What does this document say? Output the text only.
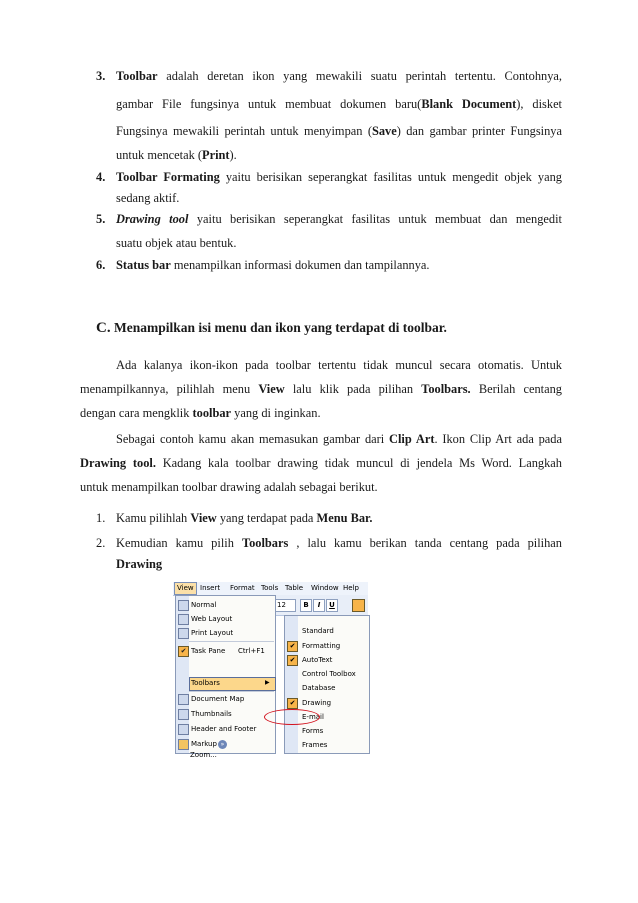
3. Toolbar adalah deretan ikon yang mewakili suatu perintah tertentu. Contohnya,
gambar File fungsinya untuk membuat dokumen baru(Blank Document), disket
Fungsinya mewakili perintah untuk menyimpan (Save) dan gambar printer Fungsinya
untuk mencetak (Print).
4. Toolbar Formating yaitu berisikan seperangkat fasilitas untuk mengedit objek yang
sedang aktif.
5. Drawing tool yaitu berisikan seperangkat fasilitas untuk membuat dan mengedit
suatu objek atau bentuk.
6. Status bar menampilkan informasi dokumen dan tampilannya.
C. Menampilkan isi menu dan ikon yang terdapat di toolbar.
Ada kalanya ikon-ikon pada toolbar tertentu tidak muncul secara otomatis. Untuk
menampilkannya, pilihlah menu View lalu klik pada pilihan Toolbars. Berilah centang
dengan cara mengklik toolbar yang di inginkan.
Sebagai contoh kamu akan memasukan gambar dari Clip Art. Ikon Clip Art ada pada
Drawing tool. Kadang kala toolbar drawing tidak muncul di jendela Ms Word. Langkah
untuk menampilkan toolbar drawing adalah sebagai berikut.
1. Kamu pilihlah View yang terdapat pada Menu Bar.
2. Kemudian kamu pilih Toolbars , lalu kamu berikan tanda centang pada pilihan
Drawing
View Insert Format Tools Table Window Help
12	B	I	U
Normal
Web Layout
Print Layout
✔ Task Pane Ctrl+F1
Toolbars	▶
Document Map
Thumbnails
Header and Footer
Markup
Zoom...
»
Standard
✔ Formatting
✔ AutoText
Control Toolbox
Database
✔ Drawing
E-mail
Forms
Frames
